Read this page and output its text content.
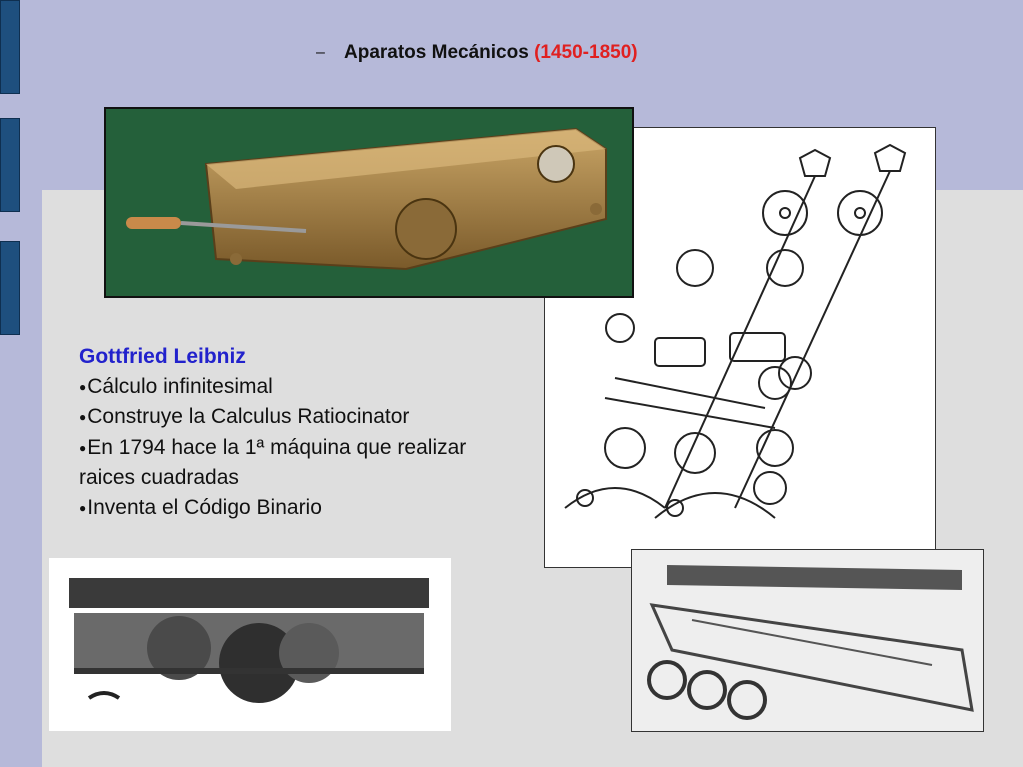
– Aparatos Mecánicos (1450-1850)
Gottfried Leibniz
●Cálculo infinitesimal
●Construye la Calculus Ratiocinator
●En 1794 hace la 1ª máquina que realizar raices cuadradas
●Inventa el Código Binario
